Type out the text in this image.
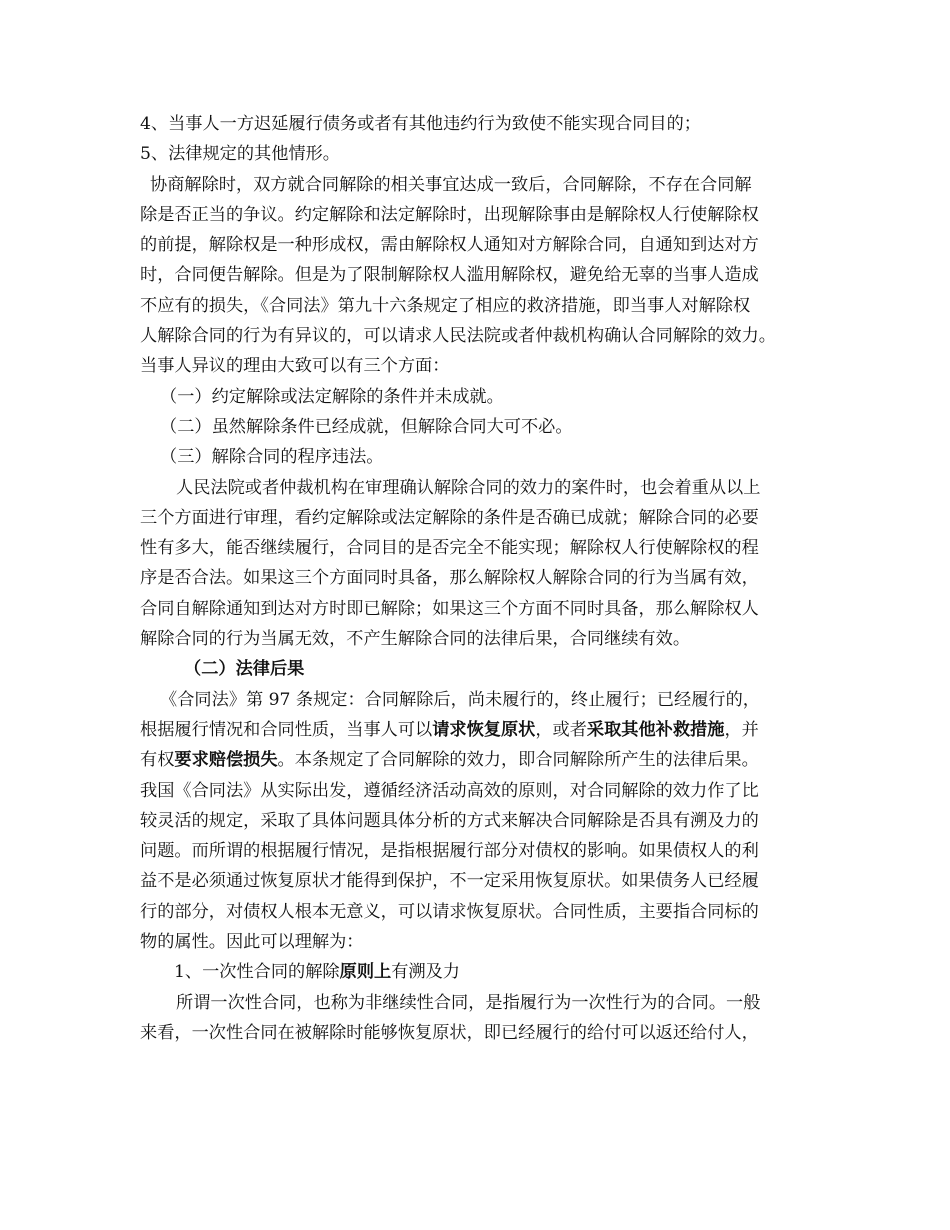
4、当事人一方迟延履行债务或者有其他违约行为致使不能实现合同目的；
5、法律规定的其他情形。
协商解除时，双方就合同解除的相关事宜达成一致后，合同解除，不存在合同解
除是否正当的争议。约定解除和法定解除时，出现解除事由是解除权人行使解除权
的前提，解除权是一种形成权，需由解除权人通知对方解除合同，自通知到达对方
时，合同便告解除。但是为了限制解除权人滥用解除权，避免给无辜的当事人造成
不应有的损失，《合同法》第九十六条规定了相应的救济措施，即当事人对解除权
人解除合同的行为有异议的，可以请求人民法院或者仲裁机构确认合同解除的效力。
当事人异议的理由大致可以有三个方面：
（一）约定解除或法定解除的条件并未成就。
（二）虽然解除条件已经成就，但解除合同大可不必。
（三）解除合同的程序违法。
人民法院或者仲裁机构在审理确认解除合同的效力的案件时，也会着重从以上
三个方面进行审理，看约定解除或法定解除的条件是否确已成就；解除合同的必要
性有多大，能否继续履行，合同目的是否完全不能实现；解除权人行使解除权的程
序是否合法。如果这三个方面同时具备，那么解除权人解除合同的行为当属有效，
合同自解除通知到达对方时即已解除；如果这三个方面不同时具备，那么解除权人
解除合同的行为当属无效，不产生解除合同的法律后果，合同继续有效。
（二）法律后果
《合同法》第 97 条规定：合同解除后，尚未履行的，终止履行；已经履行的，
根据履行情况和合同性质，当事人可以请求恢复原状，或者采取其他补救措施，并
有权要求赔偿损失。本条规定了合同解除的效力，即合同解除所产生的法律后果。
我国《合同法》从实际出发，遵循经济活动高效的原则，对合同解除的效力作了比
较灵活的规定，采取了具体问题具体分析的方式来解决合同解除是否具有溯及力的
问题。而所谓的根据履行情况，是指根据履行部分对债权的影响。如果债权人的利
益不是必须通过恢复原状才能得到保护，不一定采用恢复原状。如果债务人已经履
行的部分，对债权人根本无意义，可以请求恢复原状。合同性质，主要指合同标的
物的属性。因此可以理解为：
1、一次性合同的解除原则上有溯及力
所谓一次性合同，也称为非继续性合同，是指履行为一次性行为的合同。一般
来看，一次性合同在被解除时能够恢复原状，即已经履行的给付可以返还给付人，
